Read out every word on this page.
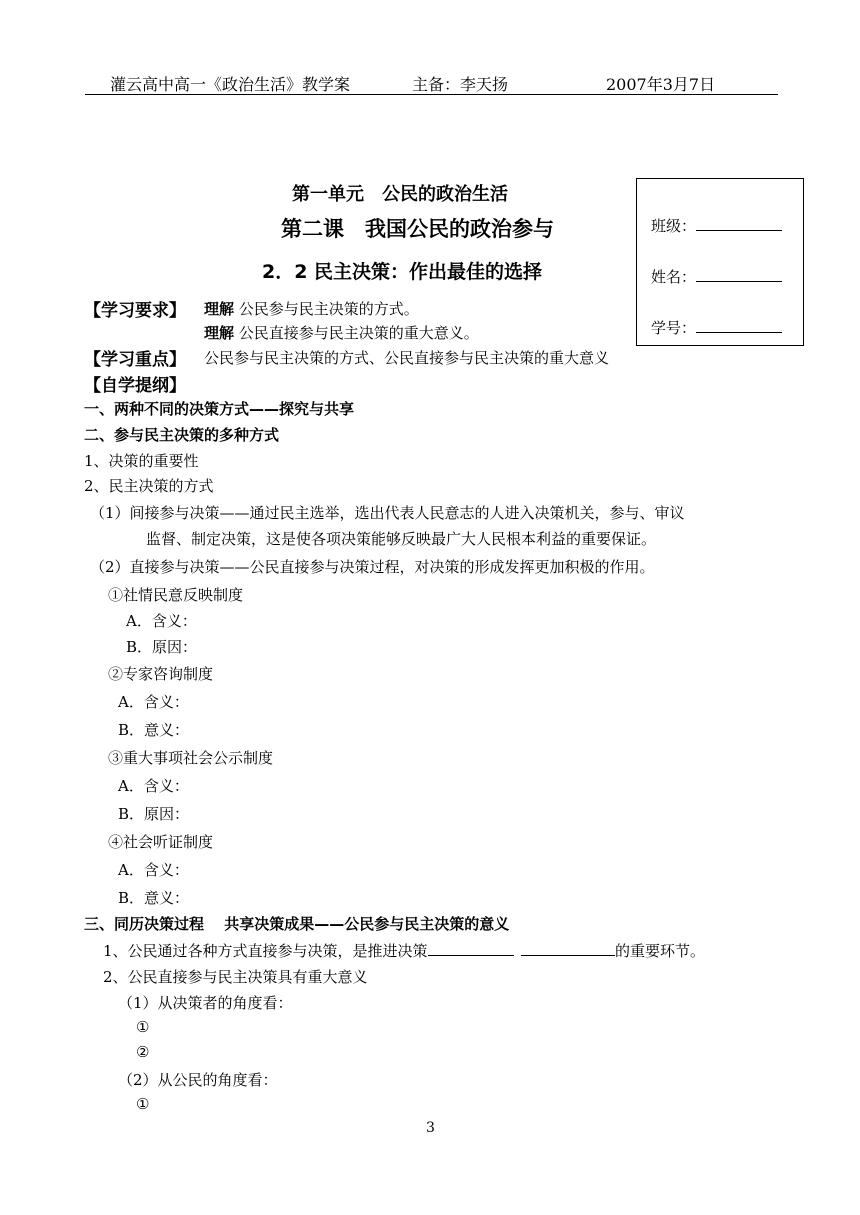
灌云高中高一《政治生活》教学案	主备：李天扬	2007年3月7日
第一单元　公民的政治生活
第二课　我国公民的政治参与
2．2 民主决策：作出最佳的选择
班级：
姓名：
学号：
【学习要求】 理解 公民参与民主决策的方式。
理解 公民直接参与民主决策的重大意义。
【学习重点】 公民参与民主决策的方式、公民直接参与民主决策的重大意义
【自学提纲】
一、两种不同的决策方式——探究与共享
二、参与民主决策的多种方式
1、决策的重要性
2、民主决策的方式
（1）间接参与决策——通过民主选举，选出代表人民意志的人进入决策机关，参与、审议
监督、制定决策，这是使各项决策能够反映最广大人民根本利益的重要保证。
（2）直接参与决策——公民直接参与决策过程，对决策的形成发挥更加积极的作用。
①社情民意反映制度
A．含义：
B．原因：
②专家咨询制度
A．含义：
B．意义：
③重大事项社会公示制度
A．含义：
B．原因：
④社会听证制度
A．含义：
B．意义：
三、同历决策过程　 共享决策成果——公民参与民主决策的意义
1、公民通过各种方式直接参与决策，是推进决策 	的重要环节。
2、公民直接参与民主决策具有重大意义
（1）从决策者的角度看：
①
②
（2）从公民的角度看：
①
3
